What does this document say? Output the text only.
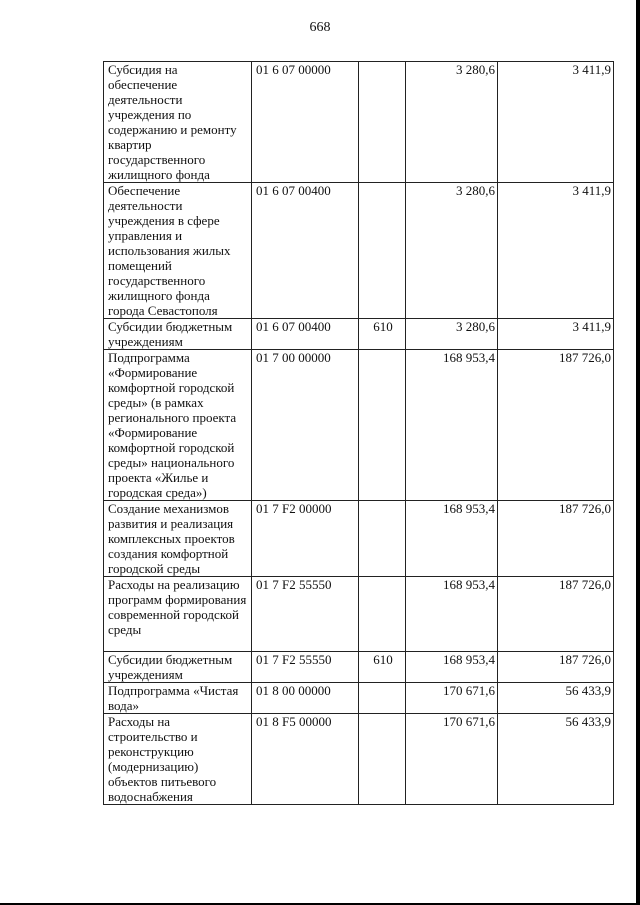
668
Субсидия на обеспечение деятельности учреждения по содержанию и ремонту квартир государственного жилищного фонда	01 6 07 00000		3 280,6	3 411,9
Обеспечение деятельности учреждения в сфере управления и использования жилых помещений государственного жилищного фонда города Севастополя	01 6 07 00400		3 280,6	3 411,9
Субсидии бюджетным учреждениям	01 6 07 00400	610	3 280,6	3 411,9
Подпрограмма «Формирование комфортной городской среды» (в рамках регионального проекта «Формирование комфортной городской среды» национального проекта «Жилье и городская среда»)	01 7 00 00000		168 953,4	187 726,0
Создание механизмов развития и реализация комплексных проектов создания комфортной городской среды	01 7 F2 00000		168 953,4	187 726,0
Расходы на реализацию программ формирования современной городской среды	01 7 F2 55550		168 953,4	187 726,0
Субсидии бюджетным учреждениям	01 7 F2 55550	610	168 953,4	187 726,0
Подпрограмма «Чистая вода»	01 8 00 00000		170 671,6	56 433,9
Расходы на строительство и реконструкцию (модернизацию) объектов питьевого водоснабжения	01 8 F5 00000		170 671,6	56 433,9
